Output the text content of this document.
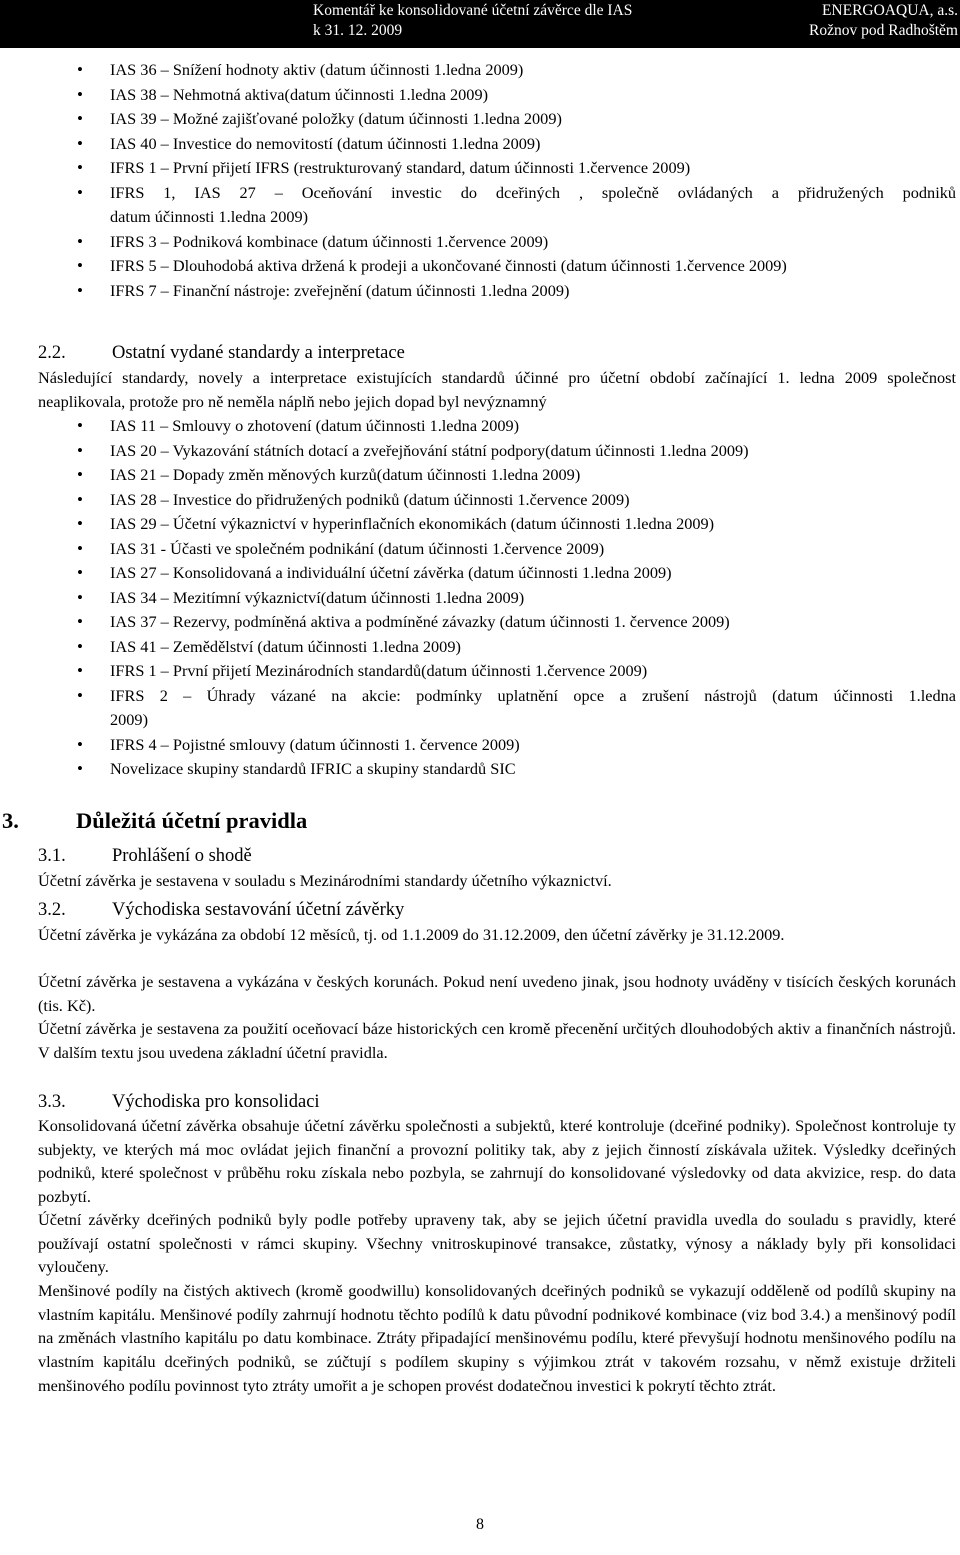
Komentář ke konsolidované účetní závěrce dle IAS
k 31. 12. 2009
ENERGOAQUA, a.s.
Rožnov pod Radhoštěm
• IAS 36 – Snížení hodnoty aktiv (datum účinnosti 1.ledna 2009)
• IAS 38 – Nehmotná aktiva(datum účinnosti 1.ledna 2009)
• IAS 39 – Možné zajišťované položky (datum účinnosti 1.ledna 2009)
• IAS 40 – Investice do nemovitostí (datum účinnosti 1.ledna 2009)
• IFRS 1 – První přijetí IFRS (restrukturovaný standard, datum účinnosti 1.července 2009)
• IFRS 1, IAS 27 – Oceňování investic do dceřiných , společně ovládaných a přidružených podniků
datum účinnosti 1.ledna 2009)
• IFRS 3 – Podniková kombinace (datum účinnosti 1.července 2009)
• IFRS 5 – Dlouhodobá aktiva držená k prodeji a ukončované činnosti (datum účinnosti 1.července 2009)
• IFRS 7 – Finanční nástroje: zveřejnění (datum účinnosti 1.ledna 2009)
2.2.	Ostatní vydané standardy a interpretace

Následující standardy, novely a interpretace existujících standardů účinné pro účetní období začínající 1. ledna 2009 společnost neaplikovala, protože pro ně neměla náplň nebo jejich dopad byl nevýznamný

• IAS 11 – Smlouvy o zhotovení (datum účinnosti 1.ledna 2009)
• IAS 20 – Vykazování státních dotací a zveřejňování státní podpory(datum účinnosti 1.ledna 2009)
• IAS 21 – Dopady změn měnových kurzů(datum účinnosti 1.ledna 2009)
• IAS 28 – Investice do přidružených podniků (datum účinnosti 1.července 2009)
• IAS 29 – Účetní výkaznictví v hyperinflačních ekonomikách (datum účinnosti 1.ledna 2009)
• IAS 31 - Účasti ve společném podnikání (datum účinnosti 1.července 2009)
• IAS 27 – Konsolidovaná a individuální účetní závěrka (datum účinnosti 1.ledna 2009)
• IAS 34 – Mezitímní výkaznictví(datum účinnosti 1.ledna 2009)
• IAS 37 – Rezervy, podmíněná aktiva a podmíněné závazky (datum účinnosti 1. července 2009)
• IAS 41 – Zemědělství (datum účinnosti 1.ledna 2009)
• IFRS 1 – První přijetí Mezinárodních standardů(datum účinnosti 1.července 2009)
• IFRS 2 – Úhrady vázané na akcie: podmínky uplatnění opce a zrušení nástrojů (datum účinnosti 1.ledna
2009)
• IFRS 4 – Pojistné smlouvy (datum účinnosti 1. července 2009)
• Novelizace skupiny standardů IFRIC a skupiny standardů SIC
3.	Důležitá účetní pravidla
3.1.	Prohlášení o shodě

Účetní závěrka je sestavena v souladu s Mezinárodními standardy účetního výkaznictví.

3.2.	Východiska sestavování účetní závěrky

Účetní závěrka je vykázána za období 12 měsíců, tj. od 1.1.2009 do 31.12.2009, den účetní závěrky je 31.12.2009.

Účetní závěrka je sestavena a vykázána v českých korunách. Pokud není uvedeno jinak, jsou hodnoty uváděny v tisících českých korunách (tis. Kč).

Účetní závěrka je sestavena za použití oceňovací báze historických cen kromě přecenění určitých dlouhodobých aktiv a finančních nástrojů. V dalším textu jsou uvedena základní účetní pravidla.

3.3.	Východiska pro konsolidaci

Konsolidovaná účetní závěrka obsahuje účetní závěrku společnosti a subjektů, které kontroluje (dceřiné podniky). Společnost kontroluje ty subjekty, ve kterých má moc ovládat jejich finanční a provozní politiky tak, aby z jejich činností získávala užitek. Výsledky dceřiných podniků, které společnost v průběhu roku získala nebo pozbyla, se zahrnují do konsolidované výsledovky od data akvizice, resp. do data pozbytí.

Účetní závěrky dceřiných podniků byly podle potřeby upraveny tak, aby se jejich účetní pravidla uvedla do souladu s pravidly, které používají ostatní společnosti v rámci skupiny. Všechny vnitroskupinové transakce, zůstatky, výnosy a náklady byly při konsolidaci vyloučeny.

Menšinové podíly na čistých aktivech (kromě goodwillu) konsolidovaných dceřiných podniků se vykazují odděleně od podílů skupiny na vlastním kapitálu. Menšinové podíly zahrnují hodnotu těchto podílů k datu původní podnikové kombinace (viz bod 3.4.) a menšinový podíl na změnách vlastního kapitálu po datu kombinace. Ztráty připadající menšinovému podílu, které převyšují hodnotu menšinového podílu na vlastním kapitálu dceřiných podniků, se zúčtují s podílem skupiny s výjimkou ztrát v takovém rozsahu, v němž existuje držiteli menšinového podílu povinnost tyto ztráty umořit a je schopen provést dodatečnou investici k pokrytí těchto ztrát.

8
